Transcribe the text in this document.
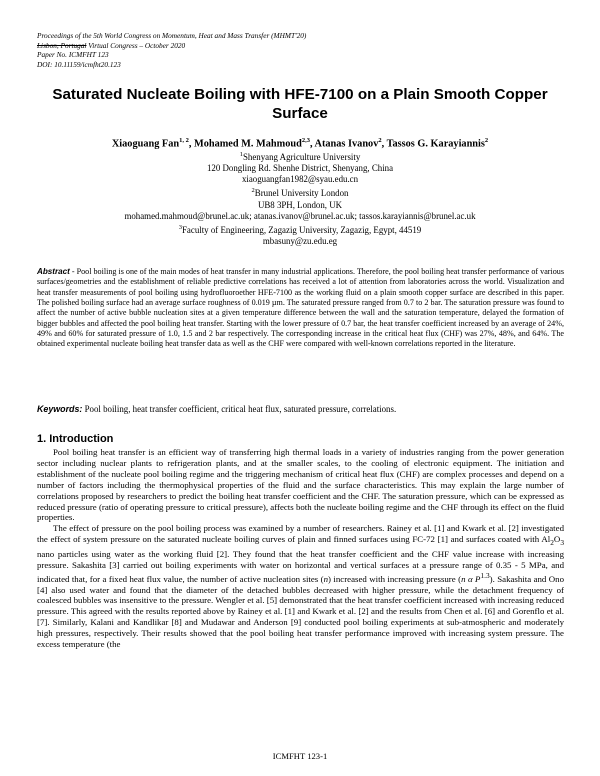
Proceedings of the 5th World Congress on Momentum, Heat and Mass Transfer (MHMT'20)
Lisbon, Portugal Virtual Congress – October 2020
Paper No. ICMFHT 123
DOI: 10.11159/icmfht20.123
Saturated Nucleate Boiling with HFE-7100 on a Plain Smooth Copper Surface
Xiaoguang Fan$^{1, 2}$, Mohamed M. Mahmoud$^{2,3}$, Atanas Ivanov$^2$, Tassos G. Karayiannis$^2$
$^1$Shenyang Agriculture University
120 Dongling Rd. Shenhe District, Shenyang, China
xiaoguangfan1982@syau.edu.cn
$^2$Brunel University London
UB8 3PH, London, UK
mohamed.mahmoud@brunel.ac.uk; atanas.ivanov@brunel.ac.uk; tassos.karayiannis@brunel.ac.uk
$^3$Faculty of Engineering, Zagazig University, Zagazig, Egypt, 44519
mbasuny@zu.edu.eg
Abstract - Pool boiling is one of the main modes of heat transfer in many industrial applications. Therefore, the pool boiling heat transfer performance of various surfaces/geometries and the establishment of reliable predictive correlations has received a lot of attention from laboratories across the world. Visualization and heat transfer measurements of pool boiling using hydrofluoroether HFE-7100 as the working fluid on a plain smooth copper surface are described in this paper. The polished boiling surface had an average surface roughness of 0.019 µm. The saturated pressure ranged from 0.7 to 2 bar. The saturation pressure was found to affect the number of active bubble nucleation sites at a given temperature difference between the wall and the saturation temperature, delayed the formation of bigger bubbles and affected the pool boiling heat transfer. Starting with the lower pressure of 0.7 bar, the heat transfer coefficient increased by an average of 24%, 49% and 60% for saturated pressure of 1.0, 1.5 and 2 bar respectively. The corresponding increase in the critical heat flux (CHF) was 27%, 48%, and 64%. The obtained experimental nucleate boiling heat transfer data as well as the CHF were compared with well-known correlations reported in the literature.
Keywords: Pool boiling, heat transfer coefficient, critical heat flux, saturated pressure, correlations.
1. Introduction

Pool boiling heat transfer is an efficient way of transferring high thermal loads in a variety of industries ranging from the power generation sector including nuclear plants to refrigeration plants, and at the smaller scales, to the cooling of electronic equipment. The initiation and establishment of the nucleate pool boiling regime and the triggering mechanism of critical heat flux (CHF) are complex processes and depend on a number of factors including the thermophysical properties of the fluid and the surface characteristics. This may explain the large number of correlations proposed by researchers to predict the boiling heat transfer coefficient and the CHF. The saturation pressure, which can be expressed as reduced pressure (ratio of operating pressure to critical pressure), affects both the nucleate boiling regime and the CHF through its effect on the fluid properties.

The effect of pressure on the pool boiling process was examined by a number of researchers. Rainey et al. [1] and Kwark et al. [2] investigated the effect of system pressure on the saturated nucleate boiling curves of plain and finned surfaces using FC-72 [1] and surfaces coated with $Al_2O_3$ nano particles using water as the working fluid [2]. They found that the heat transfer coefficient and the CHF value increase with increasing pressure. Sakashita [3] carried out boiling experiments with water on horizontal and vertical surfaces at a pressure range of 0.35 - 5 MPa, and indicated that, for a fixed heat flux value, the number of active nucleation sites (n) increased with increasing pressure (n α $P^{1.3}$). Sakashita and Ono [4] also used water and found that the diameter of the detached bubbles decreased with higher pressure, while the detachment frequency of coalesced bubbles was insensitive to the pressure. Wengler et al. [5] demonstrated that the heat transfer coefficient increased with increasing reduced pressure. This agreed with the results reported above by Rainey et al. [1] and Kwark et al. [2] and the results from Chen et al. [6] and Gorenflo et al. [7]. Similarly, Kalani and Kandlikar [8] and Mudawar and Anderson [9] conducted pool boiling experiments at sub-atmospheric and moderately high pressures, respectively. Their results showed that the pool boiling heat transfer performance improved with increasing system pressure. The excess temperature (the

ICMFHT 123-1
